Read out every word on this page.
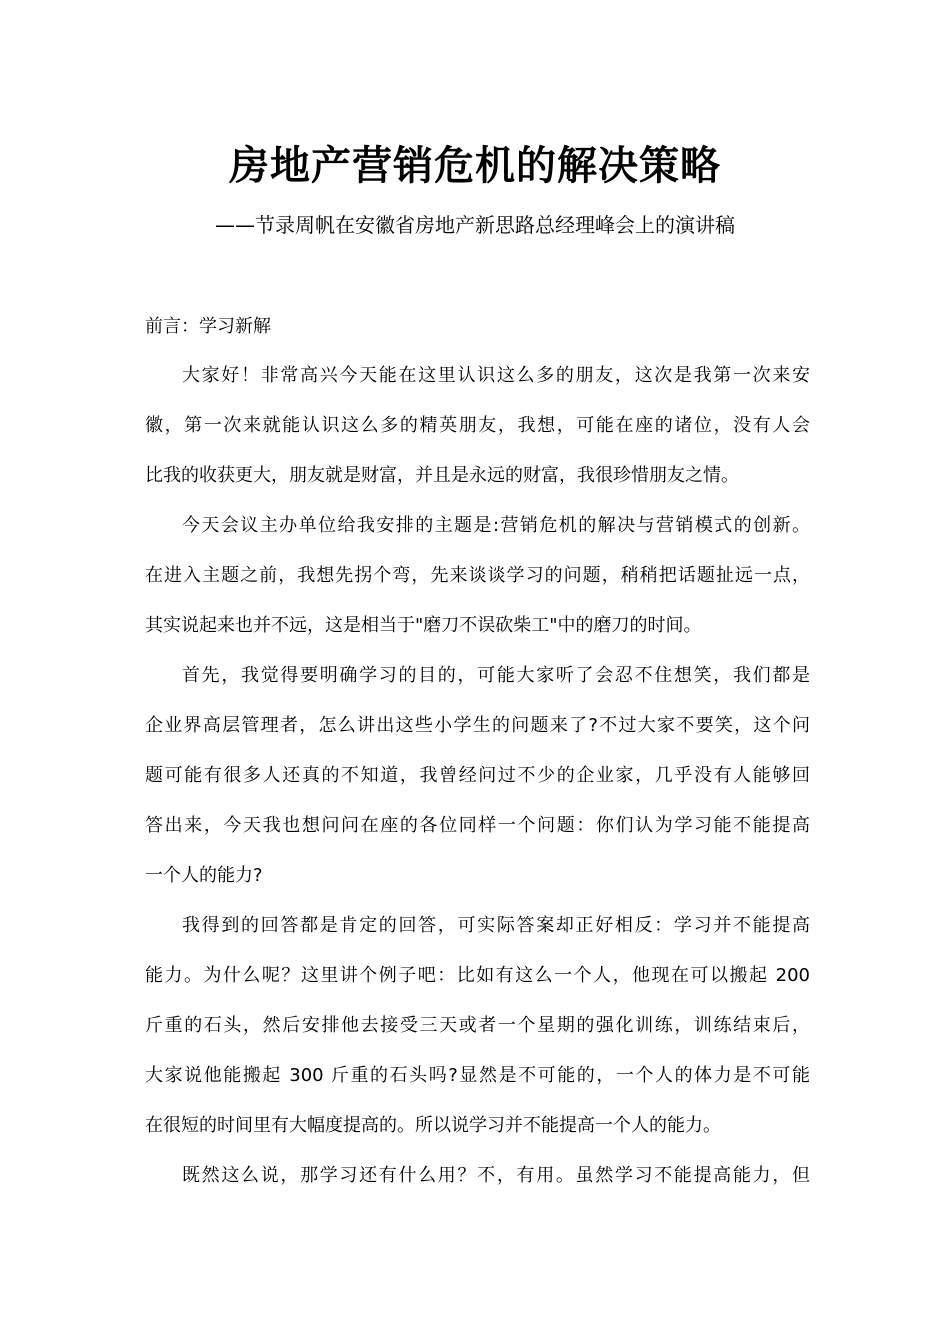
房地产营销危机的解决策略
——节录周帆在安徽省房地产新思路总经理峰会上的演讲稿
前言：学习新解
大家好！非常高兴今天能在这里认识这么多的朋友，这次是我第一次来安
徽，第一次来就能认识这么多的精英朋友，我想，可能在座的诸位，没有人会
比我的收获更大，朋友就是财富，并且是永远的财富，我很珍惜朋友之情。
今天会议主办单位给我安排的主题是:营销危机的解决与营销模式的创新。
在进入主题之前，我想先拐个弯，先来谈谈学习的问题，稍稍把话题扯远一点，
其实说起来也并不远，这是相当于"磨刀不误砍柴工"中的磨刀的时间。
首先，我觉得要明确学习的目的，可能大家听了会忍不住想笑，我们都是
企业界高层管理者，怎么讲出这些小学生的问题来了?不过大家不要笑，这个问
题可能有很多人还真的不知道，我曾经问过不少的企业家，几乎没有人能够回
答出来，今天我也想问问在座的各位同样一个问题：你们认为学习能不能提高
一个人的能力?
我得到的回答都是肯定的回答，可实际答案却正好相反：学习并不能提高
能力。为什么呢？这里讲个例子吧：比如有这么一个人，他现在可以搬起 200
斤重的石头，然后安排他去接受三天或者一个星期的强化训练，训练结束后，
大家说他能搬起 300 斤重的石头吗?显然是不可能的，一个人的体力是不可能
在很短的时间里有大幅度提高的。所以说学习并不能提高一个人的能力。
既然这么说，那学习还有什么用？不，有用。虽然学习不能提高能力，但
